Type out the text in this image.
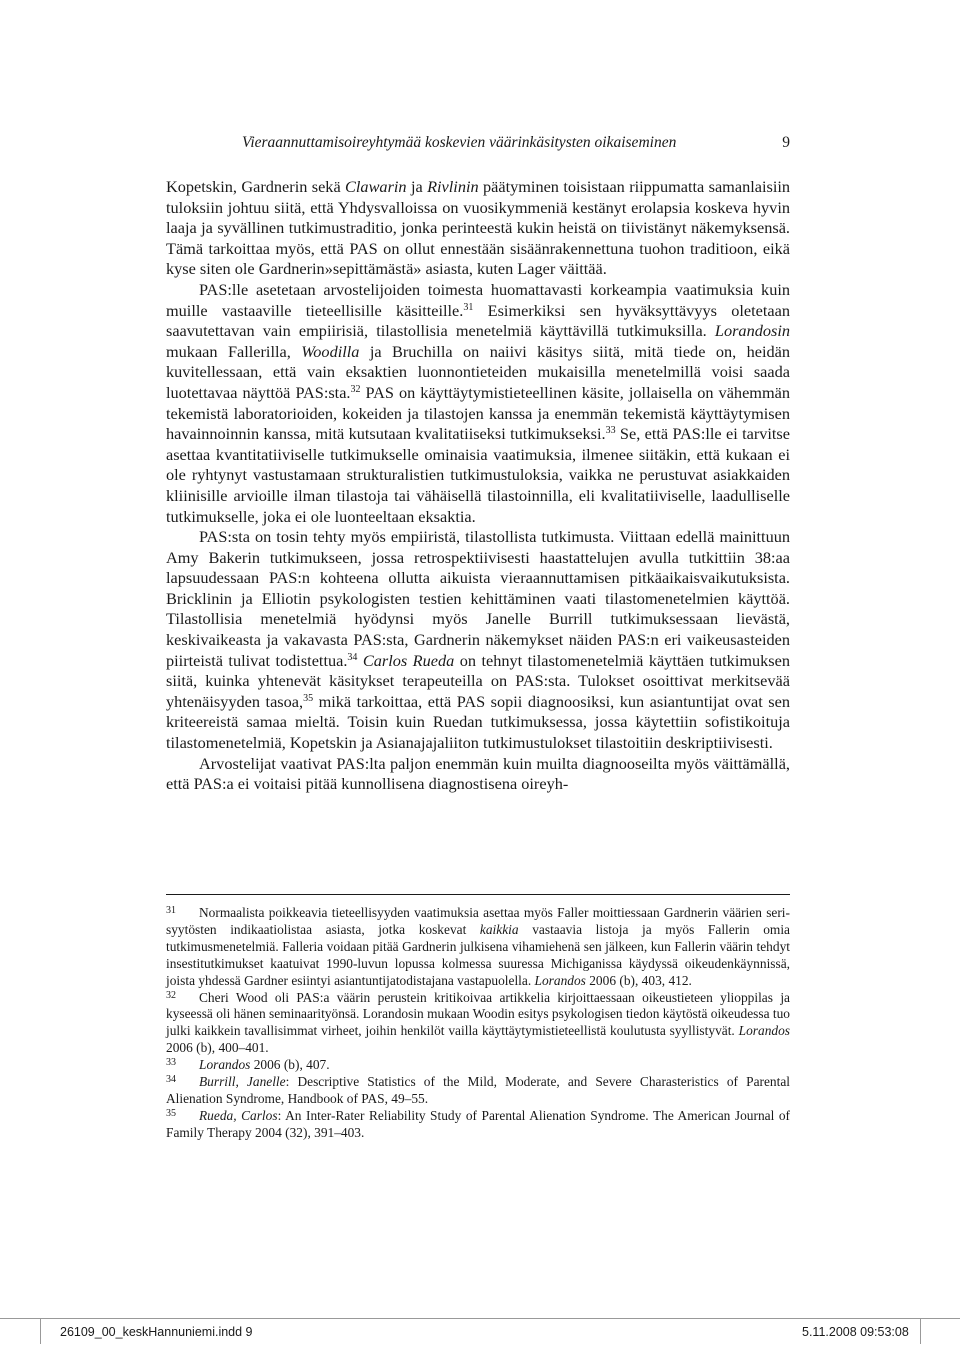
Vieraannuttamisoireyhtymää koskevien väärinkäsitysten oikaiseminen	9

Kopetskin, Gardnerin sekä Clawarin ja Rivlinin päätyminen toisistaan riippumatta samanlaisiin tuloksiin johtuu siitä, että Yhdysvalloissa on vuosikymmeniä kestänyt erolapsia koskeva hyvin laaja ja syvällinen tutkimustraditio, jonka perinteestä kukin heistä on tiivistänyt näkemyksensä. Tämä tarkoittaa myös, että PAS on ollut ennestään sisäänrakennettuna tuohon traditioon, eikä kyse siten ole Gardnerin»sepittämästä» asiasta, kuten Lager väittää.

PAS:lle asetetaan arvostelijoiden toimesta huomattavasti korkeampia vaatimuksia kuin muille vastaaville tieteellisille käsitteille.$^{31}$ Esimerkiksi sen hyväksyttävyys oletetaan saavutettavan vain empiirisiä, tilastollisia menetelmiä käyttävillä tutkimuksilla. Lorandosin mukaan Fallerilla, Woodilla ja Bruchilla on naiivi käsitys siitä, mitä tiede on, heidän kuvitellessaan, että vain eksaktien luonnontieteiden mukaisilla menetelmillä voisi saada luotettavaa näyttöä PAS:sta.$^{32}$ PAS on käyttäytymistieteellinen käsite, jollaisella on vähemmän tekemistä laboratorioiden, kokeiden ja tilastojen kanssa ja enemmän tekemistä käyttäytymisen havainnoinnin kanssa, mitä kutsutaan kvalitatiiseksi tutkimukseksi.$^{33}$ Se, että PAS:lle ei tarvitse asettaa kvantitatiiviselle tutkimukselle ominaisia vaatimuksia, ilmenee siitäkin, että kukaan ei ole ryhtynyt vastustamaan strukturalistien tutkimustuloksia, vaikka ne perustuvat asiakkaiden kliinisille arvioille ilman tilastoja tai vähäisellä tilastoinnilla, eli kvalitatiiviselle, laadulliselle tutkimukselle, joka ei ole luonteeltaan eksaktia.

PAS:sta on tosin tehty myös empiiristä, tilastollista tutkimusta. Viittaan edellä mainittuun Amy Bakerin tutkimukseen, jossa retrospektiivisesti haastattelujen avulla tutkittiin 38:aa lapsuudessaan PAS:n kohteena ollutta aikuista vieraannuttamisen pitkäaikaisvaikutuksista. Bricklinin ja Elliotin psykologisten testien kehittäminen vaati tilastomenetelmien käyttöä. Tilastollisia menetelmiä hyödynsi myös Janelle Burrill tutkimuksessaan lievästä, keskivaikeasta ja vakavasta PAS:sta, Gardnerin näkemykset näiden PAS:n eri vaikeusasteiden piirteistä tulivat todistettua.$^{34}$ Carlos Rueda on tehnyt tilastomenetelmiä käyttäen tutkimuksen siitä, kuinka yhtenevät käsitykset terapeuteilla on PAS:sta. Tulokset osoittivat merkitsevää yhtenäisyyden tasoa,$^{35}$ mikä tarkoittaa, että PAS sopii diagnoosiksi, kun asiantuntijat ovat sen kriteereistä samaa mieltä. Toisin kuin Ruedan tutkimuksessa, jossa käytettiin sofistikoituja tilastomenetelmiä, Kopetskin ja Asianajajaliiton tutkimustulokset tilastoitiin deskriptiivisesti.

Arvostelijat vaativat PAS:lta paljon enemmän kuin muilta diagnooseilta myös väittämällä, että PAS:a ei voitaisi pitää kunnollisena diagnostisena oireyh-

31 Normaalista poikkeavia tieteellisyyden vaatimuksia asettaa myös Faller moittiessaan Gardnerin väärien seri-syytösten indikaatiolistaa asiasta, jotka koskevat kaikkia vastaavia listoja ja myös Fallerin omia tutkimusmenetelmiä. Falleria voidaan pitää Gardnerin julkisena vihamiehenä sen jälkeen, kun Fallerin väärin tehdyt insestitutkimukset kaatuivat 1990-luvun lopussa kolmessa suuressa Michiganissa käydyssä oikeudenkäynnissä, joista yhdessä Gardner esiintyi asiantuntijatodistajana vastapuolella. Lorandos 2006 (b), 403, 412.

32 Cheri Wood oli PAS:a väärin perustein kritikoivaa artikkelia kirjoittaessaan oikeustieteen ylioppilas ja kyseessä oli hänen seminaarityönsä. Lorandosin mukaan Woodin esitys psykologisen tiedon käytöstä oikeudessa tuo julki kaikkein tavallisimmat virheet, joihin henkilöt vailla käyttäytymistieteellistä koulutusta syyllistyvät. Lorandos 2006 (b), 400–401.

33 Lorandos 2006 (b), 407.

34 Burrill, Janelle: Descriptive Statistics of the Mild, Moderate, and Severe Charasteristics of Parental Alienation Syndrome, Handbook of PAS, 49–55.

35 Rueda, Carlos: An Inter-Rater Reliability Study of Parental Alienation Syndrome. The American Journal of Family Therapy 2004 (32), 391–403.

26109_00_keskHannuniemi.indd 9	5.11.2008 09:53:08
